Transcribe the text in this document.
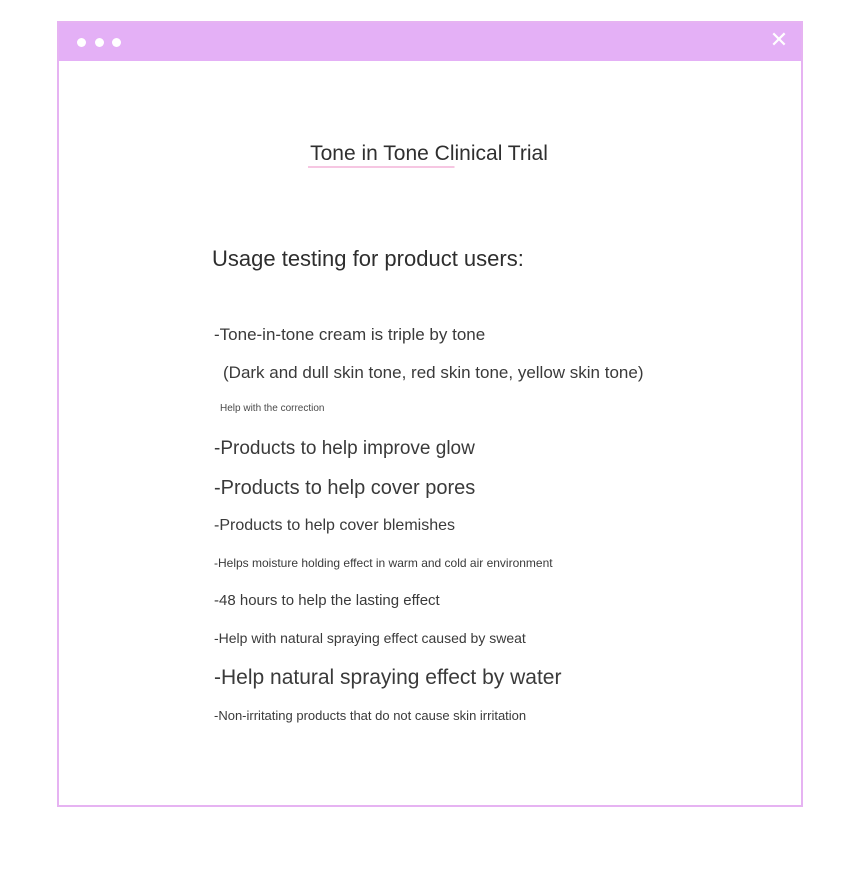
✕
Tone in Tone Clinical Trial
Usage testing for product users:
-Tone-in-tone cream is triple by tone
(Dark and dull skin tone, red skin tone, yellow skin tone)
Help with the correction
-Products to help improve glow
-Products to help cover pores
-Products to help cover blemishes
-Helps moisture holding effect in warm and cold air environment
-48 hours to help the lasting effect
-Help with natural spraying effect caused by sweat
-Help natural spraying effect by water
-Non-irritating products that do not cause skin irritation
